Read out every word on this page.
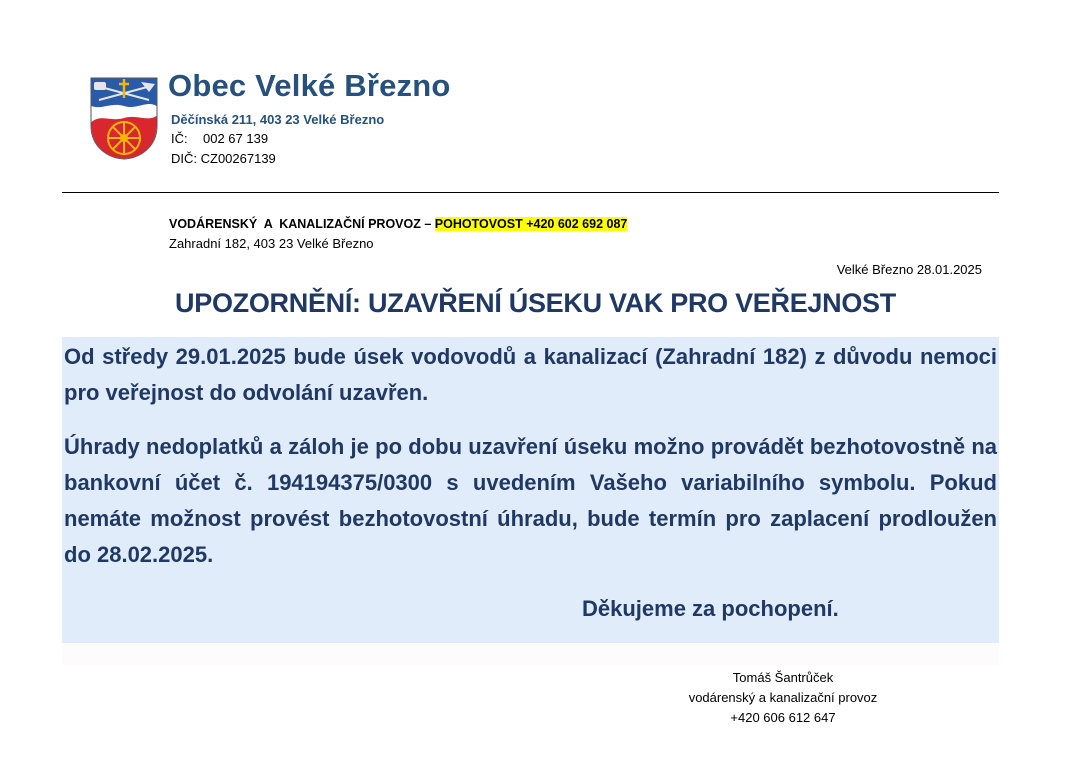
Obec Velké Březno
Děčínská 211, 403 23 Velké Březno
IČ: 002 67 139
DIČ: CZ00267139
VODÁRENSKÝ  A  KANALIZAČNÍ PROVOZ – POHOTOVOST +420 602 692 087
Zahradní 182, 403 23 Velké Březno
Velké Březno 28.01.2025
UPOZORNĚNÍ: UZAVŘENÍ ÚSEKU VAK PRO VEŘEJNOST

Od středy 29.01.2025 bude úsek vodovodů a kanalizací (Zahradní 182) z důvodu nemoci pro veřejnost do odvolání uzavřen.

Úhrady nedoplatků a záloh je po dobu uzavření úseku možno provádět bezhotovostně na bankovní účet č. 194194375/0300 s uvedením Vašeho variabilního symbolu. Pokud nemáte možnost provést bezhotovostní úhradu, bude termín pro zaplacení prodloužen do 28.02.2025.

Děkujeme za pochopení.

Tomáš Šantrůček
vodárenský a kanalizační provoz
+420 606 612 647
